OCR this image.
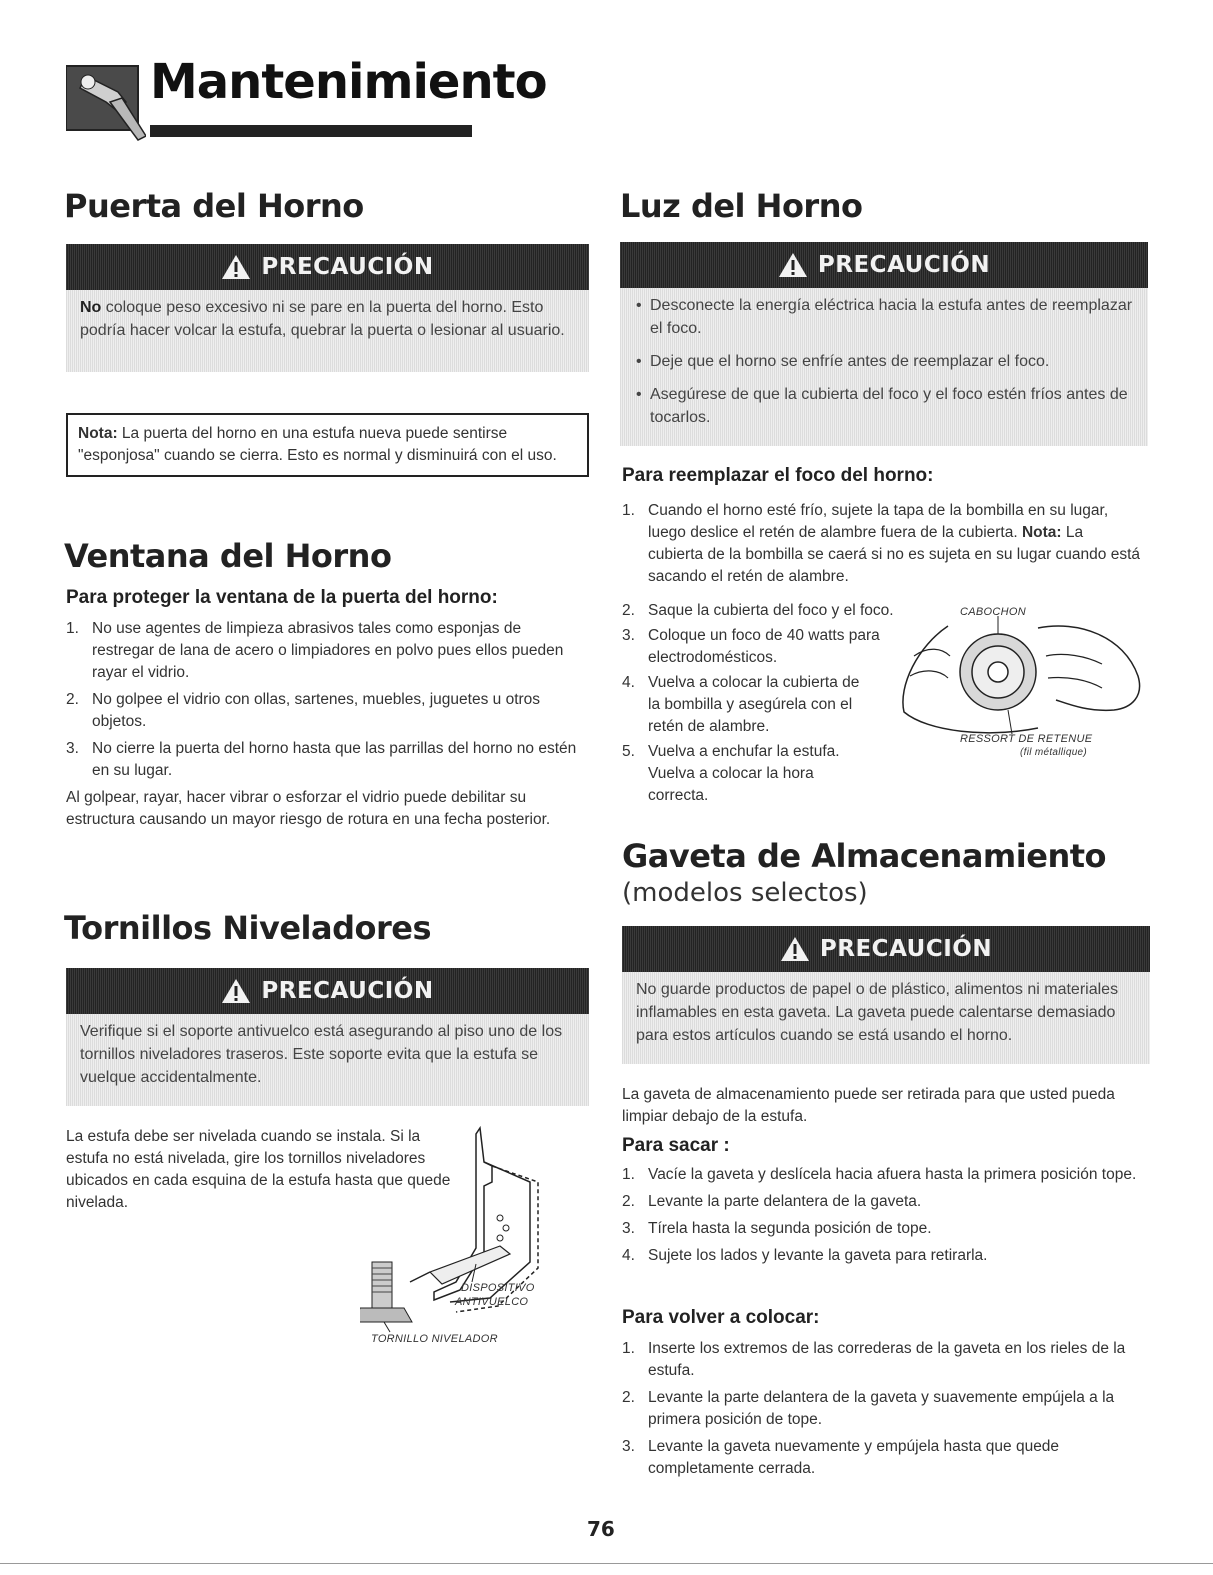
Mantenimiento
Puerta del Horno
PRECAUCIÓN
No coloque peso excesivo ni se pare en la puerta del horno. Esto podría hacer volcar la estufa, quebrar la puerta o lesionar al usuario.
Nota: La puerta del horno en una estufa nueva puede sentirse "esponjosa" cuando se cierra. Esto es normal y disminuirá con el uso.
Ventana del Horno
Para proteger la ventana de la puerta del horno:
1. No use agentes de limpieza abrasivos tales como esponjas de restregar de lana de acero o limpiadores en polvo pues ellos pueden rayar el vidrio.
2. No golpee el vidrio con ollas, sartenes, muebles, juguetes u otros objetos.
3. No cierre la puerta del horno hasta que las parrillas del horno no estén en su lugar.
Al golpear, rayar, hacer vibrar o esforzar el vidrio puede debilitar su estructura causando un mayor riesgo de rotura en una fecha posterior.
Tornillos Niveladores
PRECAUCIÓN
Verifique si el soporte antivuelco está asegurando al piso uno de los tornillos niveladores traseros. Este soporte evita que la estufa se vuelque accidentalmente.
La estufa debe ser nivelada cuando se instala. Si la estufa no está nivelada, gire los tornillos niveladores ubicados en cada esquina de la estufa hasta que quede nivelada.
DISPOSITIVO
ANTIVUELCO
TORNILLO NIVELADOR
Luz del Horno
PRECAUCIÓN
• Desconecte la energía eléctrica hacia la estufa antes de reemplazar el foco.
• Deje que el horno se enfríe antes de reemplazar el foco.
• Asegúrese de que la cubierta del foco y el foco estén fríos antes de tocarlos.
Para reemplazar el foco del horno:
1. Cuando el horno esté frío, sujete la tapa de la bombilla en su lugar, luego deslice el retén de alambre fuera de la cubierta. Nota: La cubierta de la bombilla se caerá si no es sujeta en su lugar cuando está sacando el retén de alambre.
2. Saque la cubierta del foco y el foco.
3. Coloque un foco de 40 watts para electrodomésticos.
4. Vuelva a colocar la cubierta de la bombilla y asegúrela con el retén de alambre.
5. Vuelva a enchufar la estufa. Vuelva a colocar la hora correcta.
CABOCHON
RESSORT DE RETENUE
(fil métallique)
Gaveta de Almacenamiento
(modelos selectos)
PRECAUCIÓN
No guarde productos de papel o de plástico, alimentos ni materiales inflamables en esta gaveta. La gaveta puede calentarse demasiado para estos artículos cuando se está usando el horno.
La gaveta de almacenamiento puede ser retirada para que usted pueda limpiar debajo de la estufa.
Para sacar :
1. Vacíe la gaveta y deslícela hacia afuera hasta la primera posición tope.
2. Levante la parte delantera de la gaveta.
3. Tírela hasta la segunda posición de tope.
4. Sujete los lados y levante la gaveta para retirarla.
Para volver a colocar:
1. Inserte los extremos de las correderas de la gaveta en los rieles de la estufa.
2. Levante la parte delantera de la gaveta y suavemente empújela a la primera posición de tope.
3. Levante la gaveta nuevamente y empújela hasta que quede completamente cerrada.
76
